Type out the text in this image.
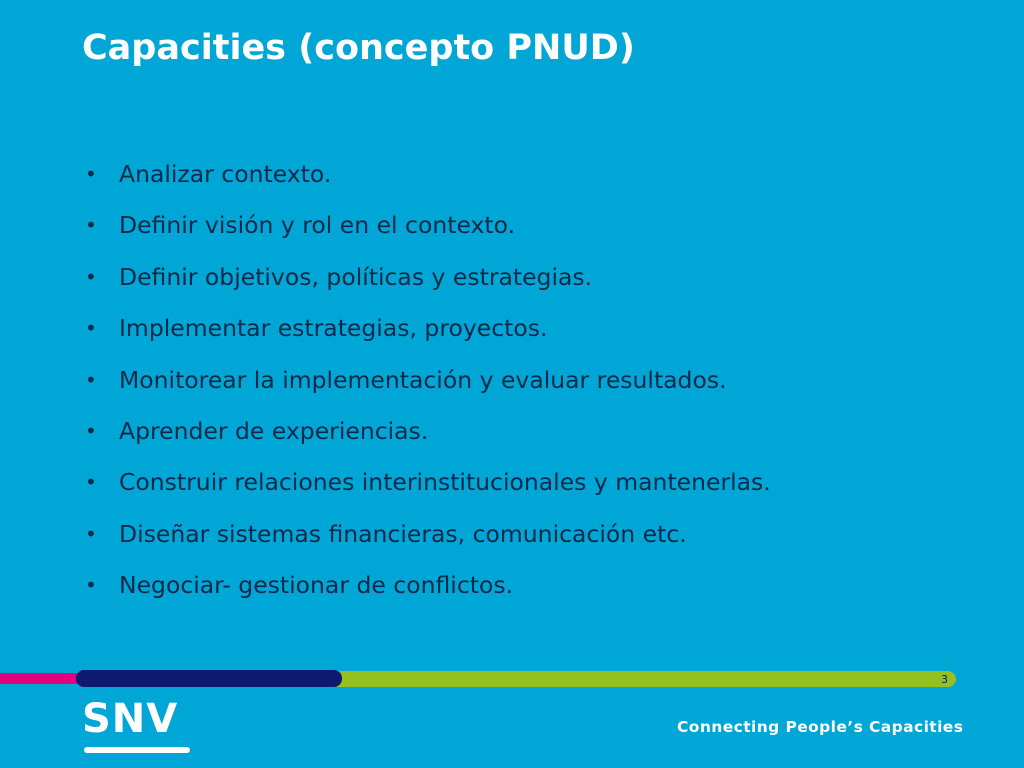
Capacities (concepto PNUD)
• Analizar contexto.
• Definir visión y rol en el contexto.
• Definir objetivos, políticas y estrategias.
• Implementar estrategias, proyectos.
• Monitorear la implementación y evaluar resultados.
• Aprender de experiencias.
• Construir relaciones interinstitucionales y mantenerlas.
• Diseñar sistemas financieras, comunicación etc.
• Negociar- gestionar de conflictos.
3
SNV	Connecting People’s Capacities
